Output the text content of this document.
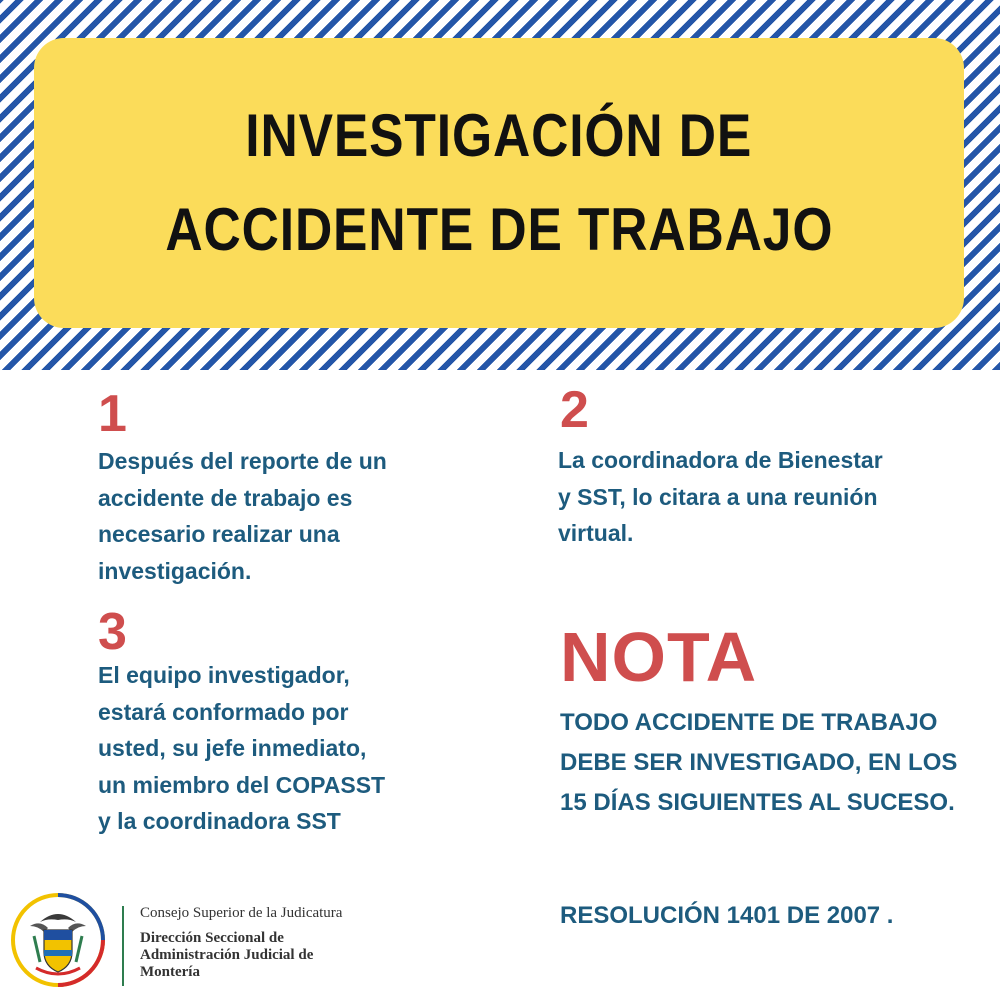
INVESTIGACIÓN DE
ACCIDENTE DE TRABAJO
1

Después del reporte de un accidente de trabajo es necesario realizar una investigación.

2

La coordinadora de Bienestar y SST, lo citara a una reunión virtual.

3

El equipo investigador, estará conformado por usted, su jefe inmediato, un miembro del COPASST y la coordinadora SST

NOTA

TODO ACCIDENTE DE TRABAJO DEBE SER INVESTIGADO, EN LOS 15 DÍAS SIGUIENTES AL SUCESO.

RESOLUCIÓN 1401 DE 2007 .
Consejo Superior de la Judicatura

Dirección Seccional de Administración Judicial de Montería
